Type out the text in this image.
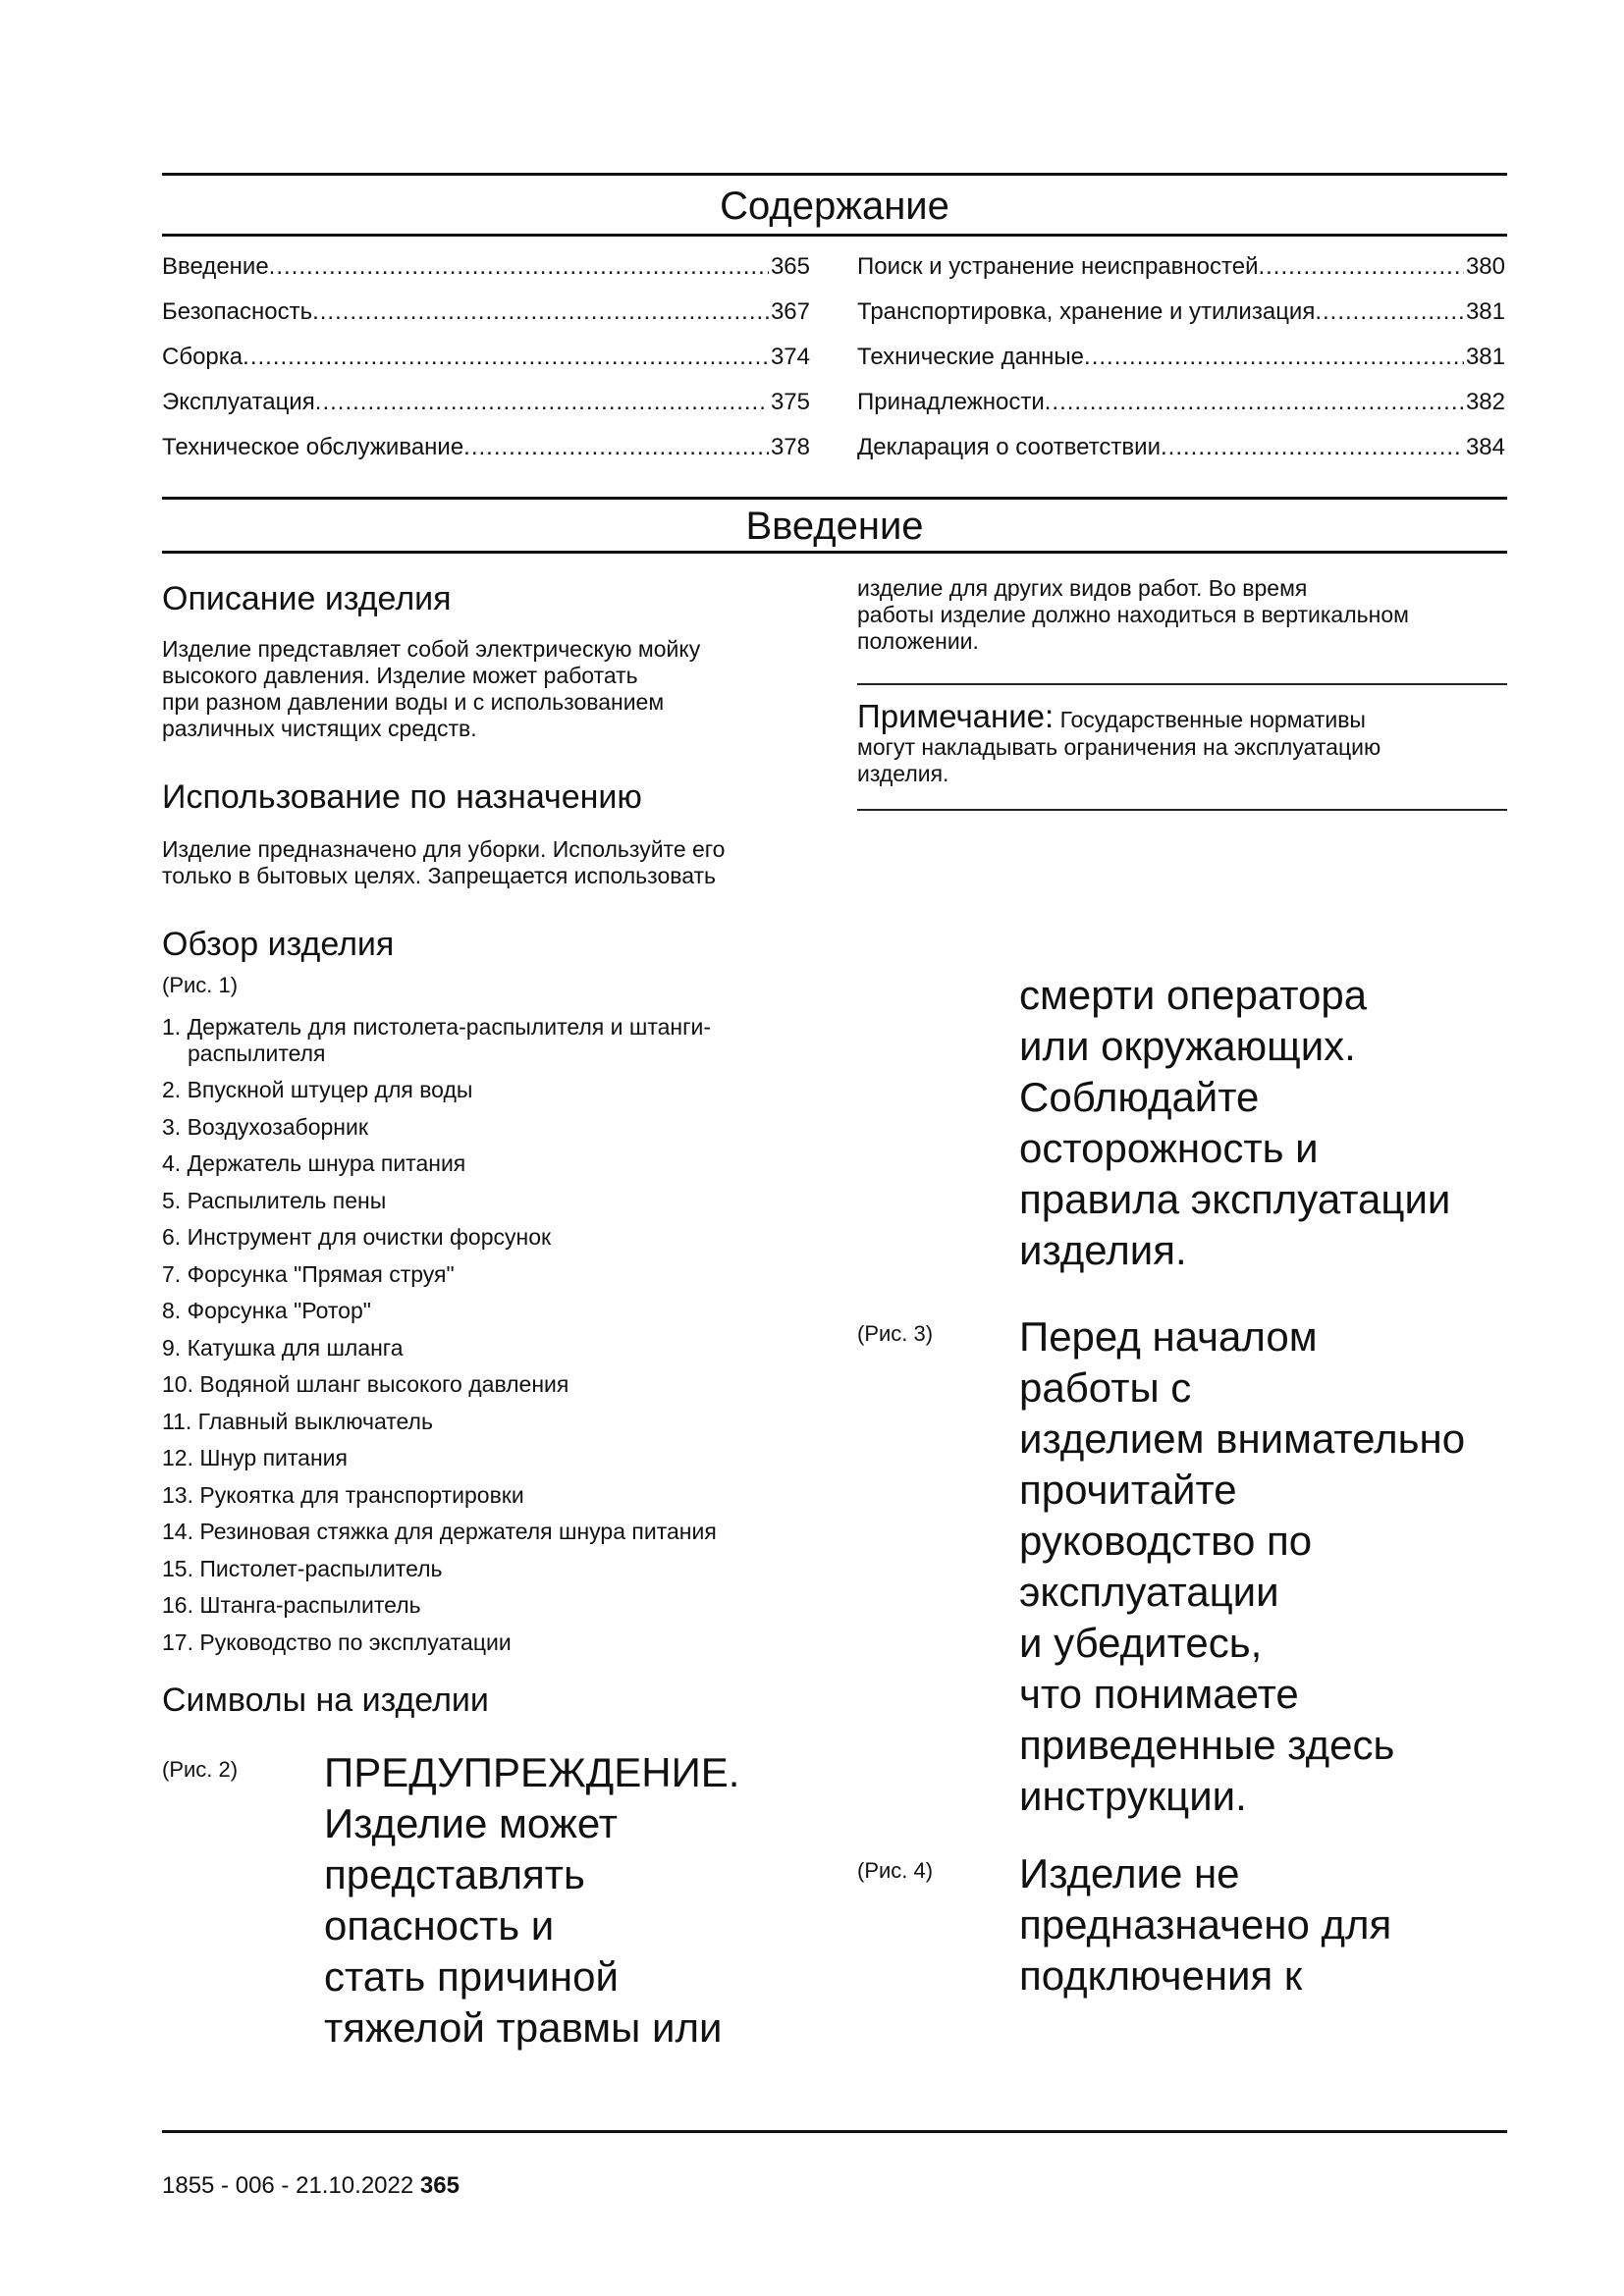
Содержание
Введение .....	365
Безопасность .....	367
Сборка .....	374
Эксплуатация .....	375
Техническое обслуживание .....	378
Поиск и устранение неисправностей .....	380
Транспортировка, хранение и утилизация .....	381
Технические данные .....	381
Принадлежности .....	382
Декларация о соответствии .....	384
Введение
Описание изделия
Изделие представляет собой электрическую мойку
высокого давления. Изделие может работать
при разном давлении воды и с использованием
различных чистящих средств.
Использование по назначению
Изделие предназначено для уборки. Используйте его
только в бытовых целях. Запрещается использовать
Обзор изделия
(Рис. 1)
1. Держатель для пистолета-распылителя и штанги-
распылителя
2. Впускной штуцер для воды
3. Воздухозаборник
4. Держатель шнура питания
5. Распылитель пены
6. Инструмент для очистки форсунок
7. Форсунка "Прямая струя"
8. Форсунка "Ротор"
9. Катушка для шланга
10. Водяной шланг высокого давления
11. Главный выключатель
12. Шнур питания
13. Рукоятка для транспортировки
14. Резиновая стяжка для держателя шнура питания
15. Пистолет-распылитель
16. Штанга-распылитель
17. Руководство по эксплуатации
Символы на изделии
(Рис. 2) ПРЕДУПРЕЖДЕНИЕ.
Изделие может
представлять
опасность и
стать причиной
тяжелой травмы или
изделие для других видов работ. Во время
работы изделие должно находиться в вертикальном
положении.
Примечание: Государственные нормативы
могут накладывать ограничения на эксплуатацию
изделия.
смерти оператора
или окружающих.
Соблюдайте
осторожность и
правила эксплуатации
изделия.
(Рис. 3) Перед началом
работы с
изделием внимательно
прочитайте
руководство по
эксплуатации
и убедитесь,
что понимаете
приведенные здесь
инструкции.
(Рис. 4) Изделие не
предназначено для
подключения к
1855 - 006 - 21.10.2022 365
